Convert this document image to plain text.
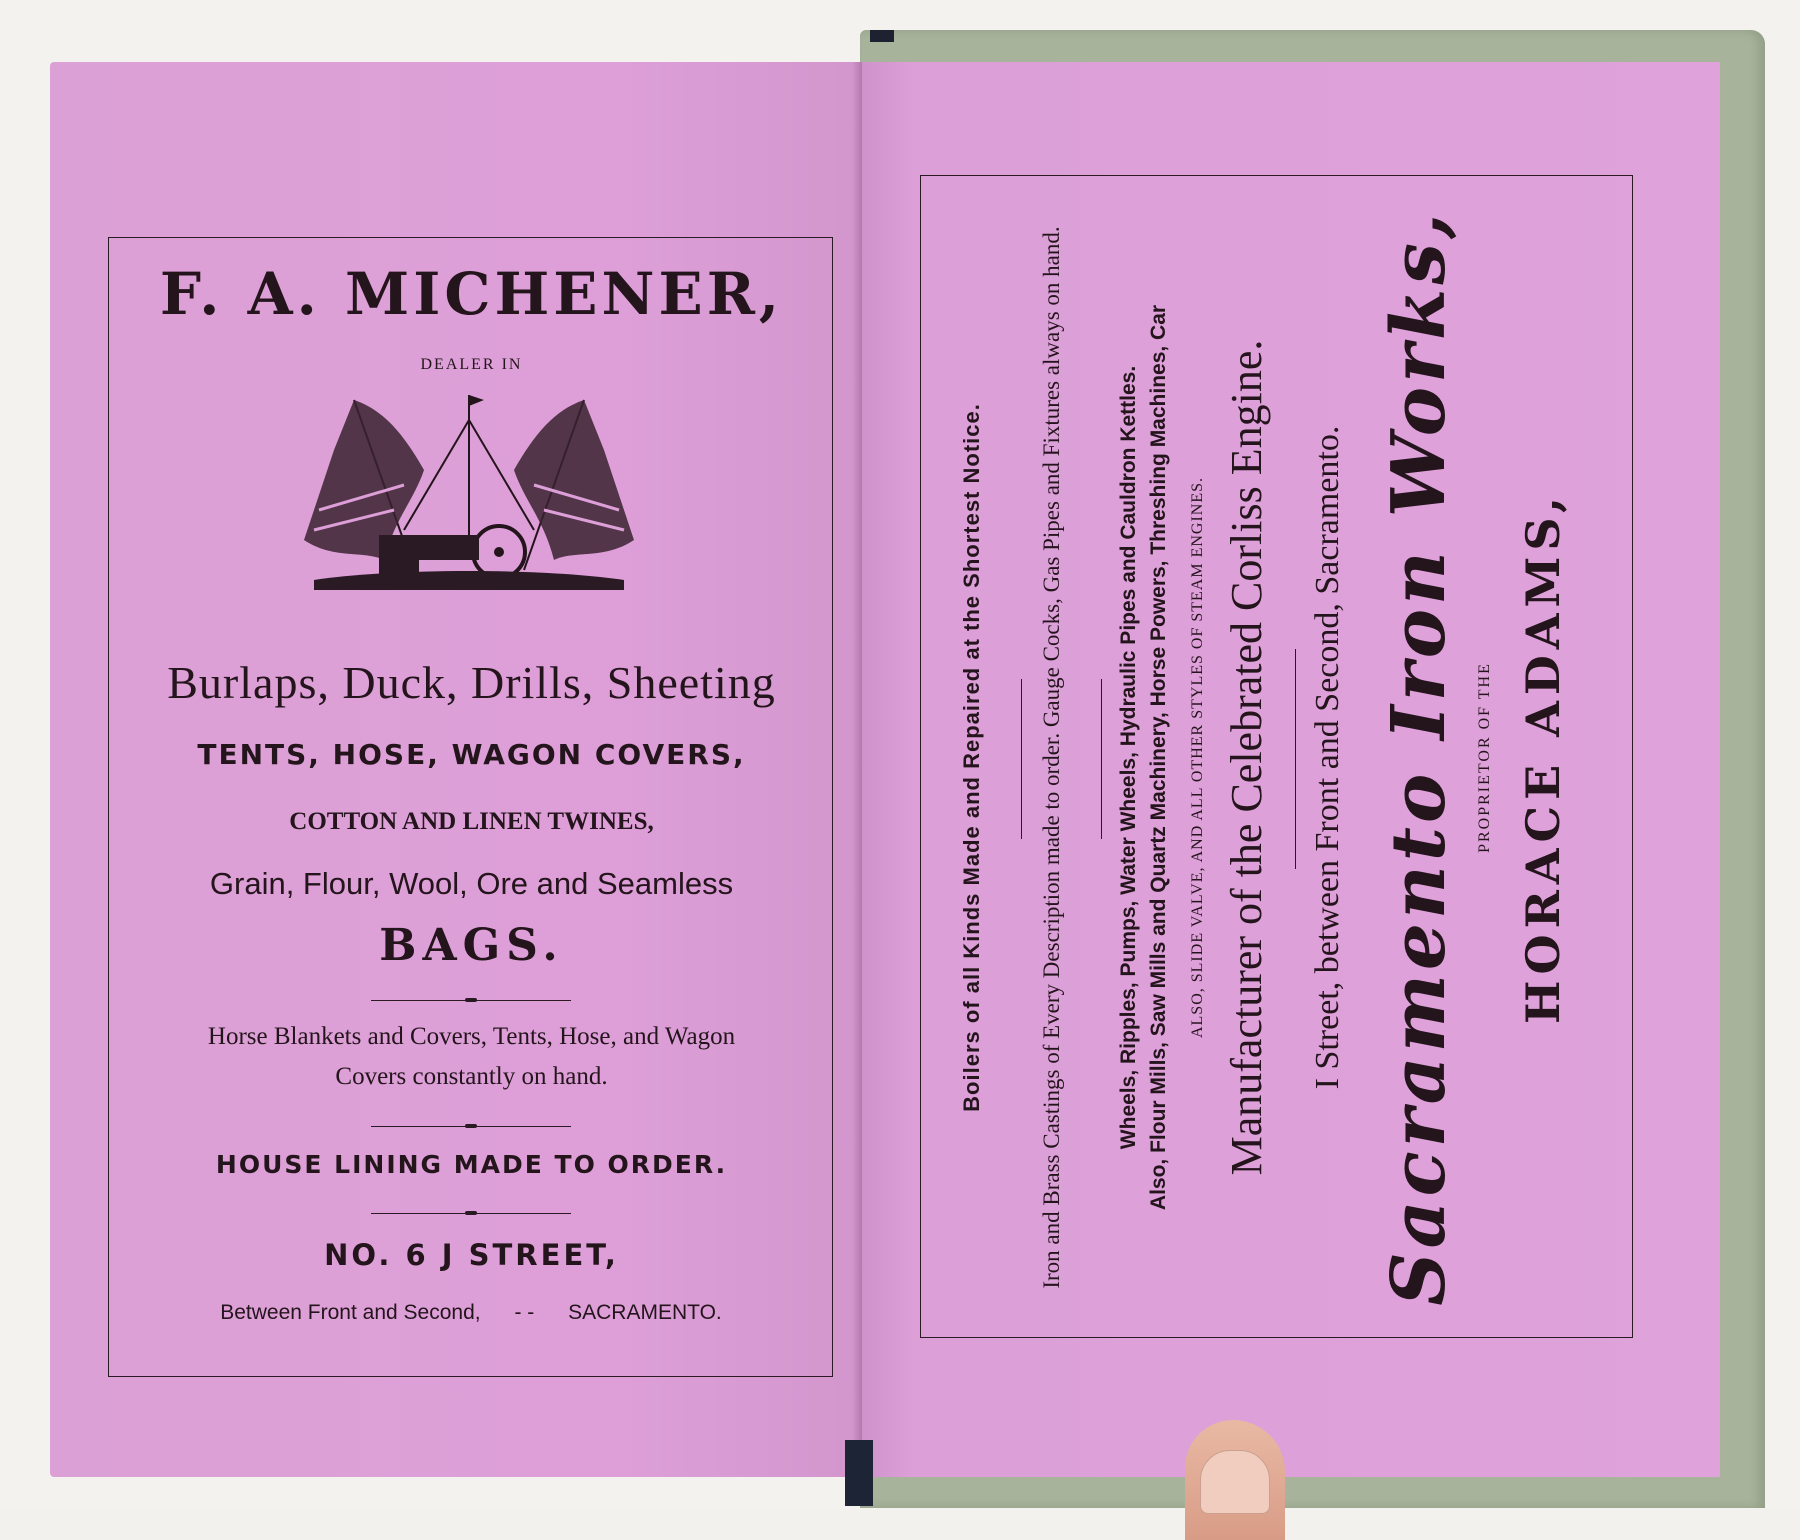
F. A. MICHENER,
DEALER IN
Burlaps, Duck, Drills, Sheeting
TENTS, HOSE, WAGON COVERS,
COTTON AND LINEN TWINES,
Grain, Flour, Wool, Ore and Seamless
BAGS.
Horse Blankets and Covers, Tents, Hose, and Wagon
Covers constantly on hand.
HOUSE LINING MADE TO ORDER.
NO. 6 J STREET,
Between Front and Second, - - SACRAMENTO.
HORACE ADAMS,
PROPRIETOR OF THE
Sacramento Iron Works,
I Street, between Front and Second, Sacramento.
Manufacturer of the Celebrated Corliss Engine.
ALSO, SLIDE VALVE, AND ALL OTHER STYLES OF STEAM ENGINES.
Also, Flour Mills, Saw Mills and Quartz Machinery, Horse Powers, Threshing Machines, Car
Wheels, Ripples, Pumps, Water Wheels, Hydraulic Pipes and Cauldron Kettles.
Iron and Brass Castings of Every Description made to order. Gauge Cocks, Gas Pipes and Fixtures always on hand.
Boilers of all Kinds Made and Repaired at the Shortest Notice.
